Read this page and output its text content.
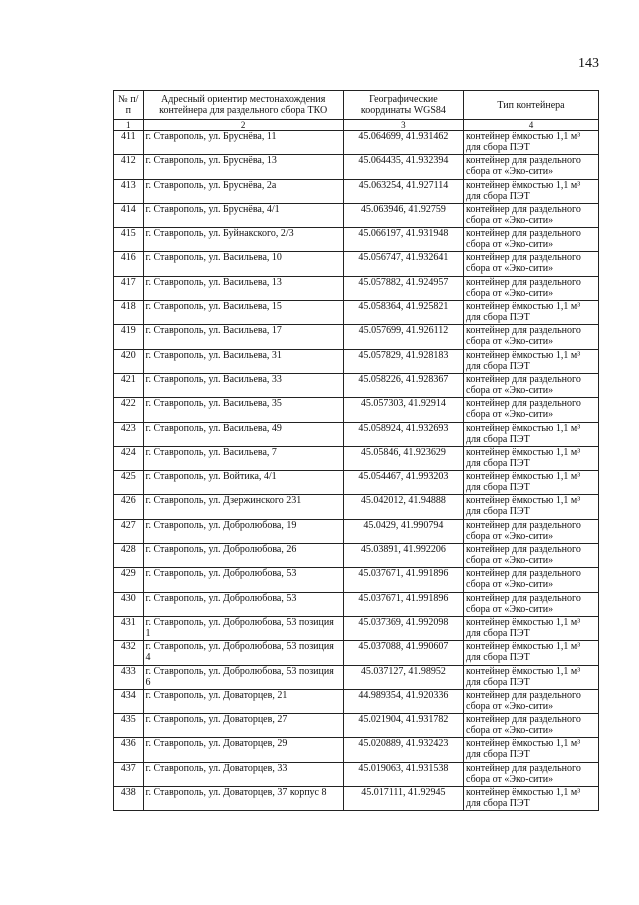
143
№ п/п	Адресный ориентир местонахождения контейнера для раздельного сбора ТКО	Географические координаты WGS84	Тип контейнера
1	2	3	4
411	г. Ставрополь, ул. Бруснёва, 11	45.064699, 41.931462	контейнер ёмкостью 1,1 м³ для сбора ПЭТ
412	г. Ставрополь, ул. Бруснёва, 13	45.064435, 41.932394	контейнер для раздельного сбора от «Эко-сити»
413	г. Ставрополь, ул. Бруснёва, 2а	45.063254, 41.927114	контейнер ёмкостью 1,1 м³ для сбора ПЭТ
414	г. Ставрополь, ул. Бруснёва, 4/1	45.063946, 41.92759	контейнер для раздельного сбора от «Эко-сити»
415	г. Ставрополь, ул. Буйнакского, 2/3	45.066197, 41.931948	контейнер для раздельного сбора от «Эко-сити»
416	г. Ставрополь, ул. Васильева, 10	45.056747, 41.932641	контейнер для раздельного сбора от «Эко-сити»
417	г. Ставрополь, ул. Васильева, 13	45.057882, 41.924957	контейнер для раздельного сбора от «Эко-сити»
418	г. Ставрополь, ул. Васильева, 15	45.058364, 41.925821	контейнер ёмкостью 1,1 м³ для сбора ПЭТ
419	г. Ставрополь, ул. Васильева, 17	45.057699, 41.926112	контейнер для раздельного сбора от «Эко-сити»
420	г. Ставрополь, ул. Васильева, 31	45.057829, 41.928183	контейнер ёмкостью 1,1 м³ для сбора ПЭТ
421	г. Ставрополь, ул. Васильева, 33	45.058226, 41.928367	контейнер для раздельного сбора от «Эко-сити»
422	г. Ставрополь, ул. Васильева, 35	45.057303, 41.92914	контейнер для раздельного сбора от «Эко-сити»
423	г. Ставрополь, ул. Васильева, 49	45.058924, 41.932693	контейнер ёмкостью 1,1 м³ для сбора ПЭТ
424	г. Ставрополь, ул. Васильева, 7	45.05846, 41.923629	контейнер ёмкостью 1,1 м³ для сбора ПЭТ
425	г. Ставрополь, ул. Войтика, 4/1	45.054467, 41.993203	контейнер ёмкостью 1,1 м³ для сбора ПЭТ
426	г. Ставрополь, ул. Дзержинского 231	45.042012, 41.94888	контейнер ёмкостью 1,1 м³ для сбора ПЭТ
427	г. Ставрополь, ул. Добролюбова, 19	45.0429, 41.990794	контейнер для раздельного сбора от «Эко-сити»
428	г. Ставрополь, ул. Добролюбова, 26	45.03891, 41.992206	контейнер для раздельного сбора от «Эко-сити»
429	г. Ставрополь, ул. Добролюбова, 53	45.037671, 41.991896	контейнер для раздельного сбора от «Эко-сити»
430	г. Ставрополь, ул. Добролюбова, 53	45.037671, 41.991896	контейнер для раздельного сбора от «Эко-сити»
431	г. Ставрополь, ул. Добролюбова, 53 позиция 1	45.037369, 41.992098	контейнер ёмкостью 1,1 м³ для сбора ПЭТ
432	г. Ставрополь, ул. Добролюбова, 53 позиция 4	45.037088, 41.990607	контейнер ёмкостью 1,1 м³ для сбора ПЭТ
433	г. Ставрополь, ул. Добролюбова, 53 позиция 6	45.037127, 41.98952	контейнер ёмкостью 1,1 м³ для сбора ПЭТ
434	г. Ставрополь, ул. Доваторцев, 21	44.989354, 41.920336	контейнер для раздельного сбора от «Эко-сити»
435	г. Ставрополь, ул. Доваторцев, 27	45.021904, 41.931782	контейнер для раздельного сбора от «Эко-сити»
436	г. Ставрополь, ул. Доваторцев, 29	45.020889, 41.932423	контейнер ёмкостью 1,1 м³ для сбора ПЭТ
437	г. Ставрополь, ул. Доваторцев, 33	45.019063, 41.931538	контейнер для раздельного сбора от «Эко-сити»
438	г. Ставрополь, ул. Доваторцев, 37 корпус 8	45.017111, 41.92945	контейнер ёмкостью 1,1 м³ для сбора ПЭТ
